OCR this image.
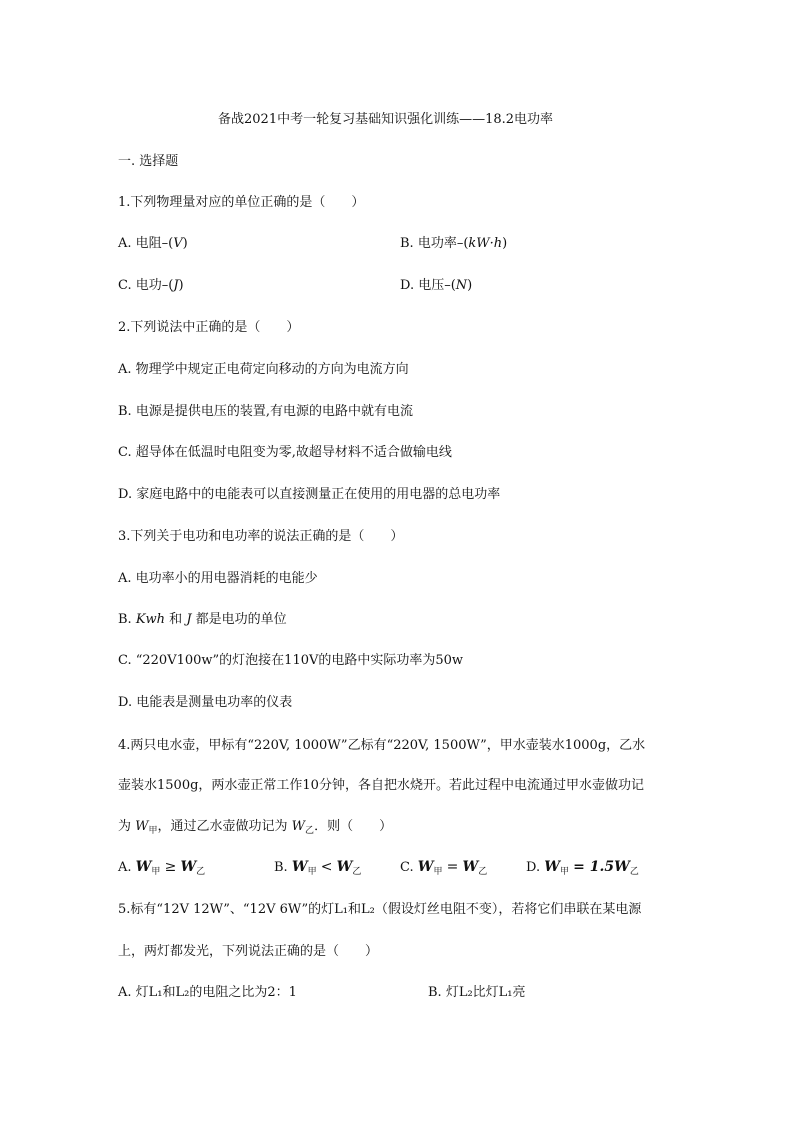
备战2021中考一轮复习基础知识强化训练——18.2电功率
一. 选择题
1.下列物理量对应的单位正确的是（　　）
A. 电阻–(V)	B. 电功率–(kW·h)
C. 电功–(J)	D. 电压–(N)
2.下列说法中正确的是（　　）
A. 物理学中规定正电荷定向移动的方向为电流方向
B. 电源是提供电压的装置,有电源的电路中就有电流
C. 超导体在低温时电阻变为零,故超导材料不适合做输电线
D. 家庭电路中的电能表可以直接测量正在使用的用电器的总电功率
3.下列关于电功和电功率的说法正确的是（　　）
A. 电功率小的用电器消耗的电能少
B. Kwh 和 J 都是电功的单位
C. “220V100w”的灯泡接在110V的电路中实际功率为50w
D. 电能表是测量电功率的仪表
4.两只电水壶，甲标有“220V, 1000W”乙标有“220V, 1500W”，甲水壶装水1000g，乙水
壶装水1500g，两水壶正常工作10分钟，各自把水烧开。若此过程中电流通过甲水壶做功记
为 $W_甲$，通过乙水壶做功记为 $W_乙$．则（　　）
A. $W_甲 \ge W_乙$	B. $W_甲 < W_乙$	C. $W_甲 = W_乙$	D. $W_甲 = 1.5W_乙$
5.标有“12V 12W”、“12V 6W”的灯L₁和L₂（假设灯丝电阻不变），若将它们串联在某电源
上，两灯都发光，下列说法正确的是（　　）
A. 灯L₁和L₂的电阻之比为2：1	B. 灯L₂比灯L₁亮
